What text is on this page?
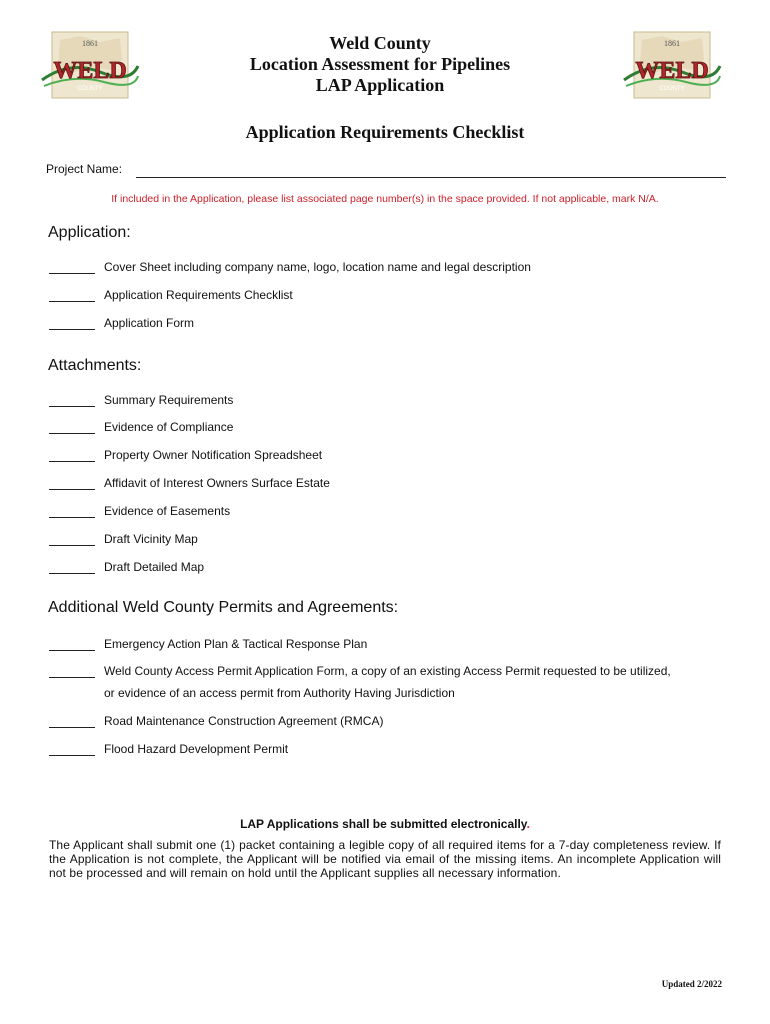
1861
WELD
COUNTY
Weld County
Location Assessment for Pipelines
LAP Application
1861
WELD
COUNTY
Application Requirements Checklist
Project Name:
If included in the Application, please list associated page number(s) in the space provided. If not applicable, mark N/A.
Application:
Cover Sheet including company name, logo, location name and legal description
Application Requirements Checklist
Application Form
Attachments:
Summary Requirements
Evidence of Compliance
Property Owner Notification Spreadsheet
Affidavit of Interest Owners Surface Estate
Evidence of Easements
Draft Vicinity Map
Draft Detailed Map
Additional Weld County Permits and Agreements:
Emergency Action Plan & Tactical Response Plan
Weld County Access Permit Application Form, a copy of an existing Access Permit requested to be utilized,
or evidence of an access permit from Authority Having Jurisdiction
Road Maintenance Construction Agreement (RMCA)
Flood Hazard Development Permit
LAP Applications shall be submitted electronically.
The Applicant shall submit one (1) packet containing a legible copy of all required items for a 7-day completeness review. If the Application is not complete, the Applicant will be notified via email of the missing items. An incomplete Application will not be processed and will remain on hold until the Applicant supplies all necessary information.
Updated 2/2022
